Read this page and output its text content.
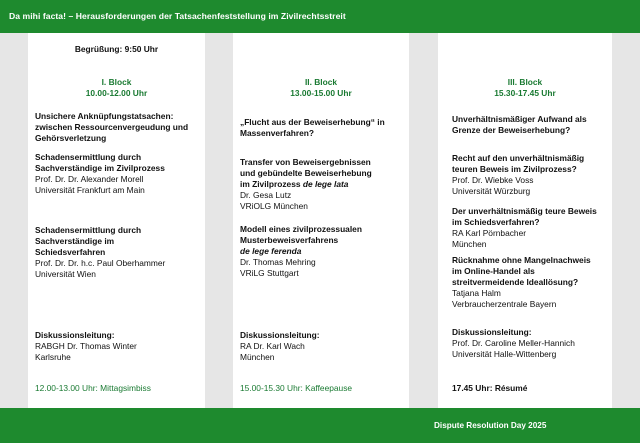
Da mihi facta! – Herausforderungen der Tatsachenfeststellung im Zivilrechtsstreit
Begrüßung: 9:50 Uhr
I. Block
10.00-12.00 Uhr
Unsichere Anknüpfungstatsachen:
zwischen Ressourcenvergeudung und
Gehörsverletzung
Schadensermittlung durch
Sachverständige im Zivilprozess
Prof. Dr. Dr. Alexander Morell
Universität Frankfurt am Main
Schadensermittlung durch
Sachverständige im
Schiedsverfahren
Prof. Dr. Dr. h.c. Paul Oberhammer
Universität Wien
Diskussionsleitung:
RABGH Dr. Thomas Winter
Karlsruhe
12.00-13.00 Uhr: Mittagsimbiss
II. Block
13.00-15.00 Uhr
„Flucht aus der Beweiserhebung“ in
Massenverfahren?
Transfer von Beweisergebnissen
und gebündelte Beweiserhebung
im Zivilprozess de lege lata
Dr. Gesa Lutz
VRiOLG München
Modell eines zivilprozessualen
Musterbeweisverfahrens
de lege ferenda
Dr. Thomas Mehring
VRiLG Stuttgart
Diskussionsleitung:
RA Dr. Karl Wach
München
15.00-15.30 Uhr: Kaffeepause
III. Block
15.30-17.45 Uhr
Unverhältnismäßiger Aufwand als
Grenze der Beweiserhebung?
Recht auf den unverhältnismäßig
teuren Beweis im Zivilprozess?
Prof. Dr. Wiebke Voss
Universität Würzburg
Der unverhältnismäßig teure Beweis
im Schiedsverfahren?
RA Karl Pörnbacher
München
Rücknahme ohne Mangelnachweis
im Online-Handel als
streitvermeidende Ideallösung?
Tatjana Halm
Verbraucherzentrale Bayern
Diskussionsleitung:
Prof. Dr. Caroline Meller-Hannich
Universität Halle-Wittenberg
17.45 Uhr: Résumé
Dispute Resolution Day 2025
